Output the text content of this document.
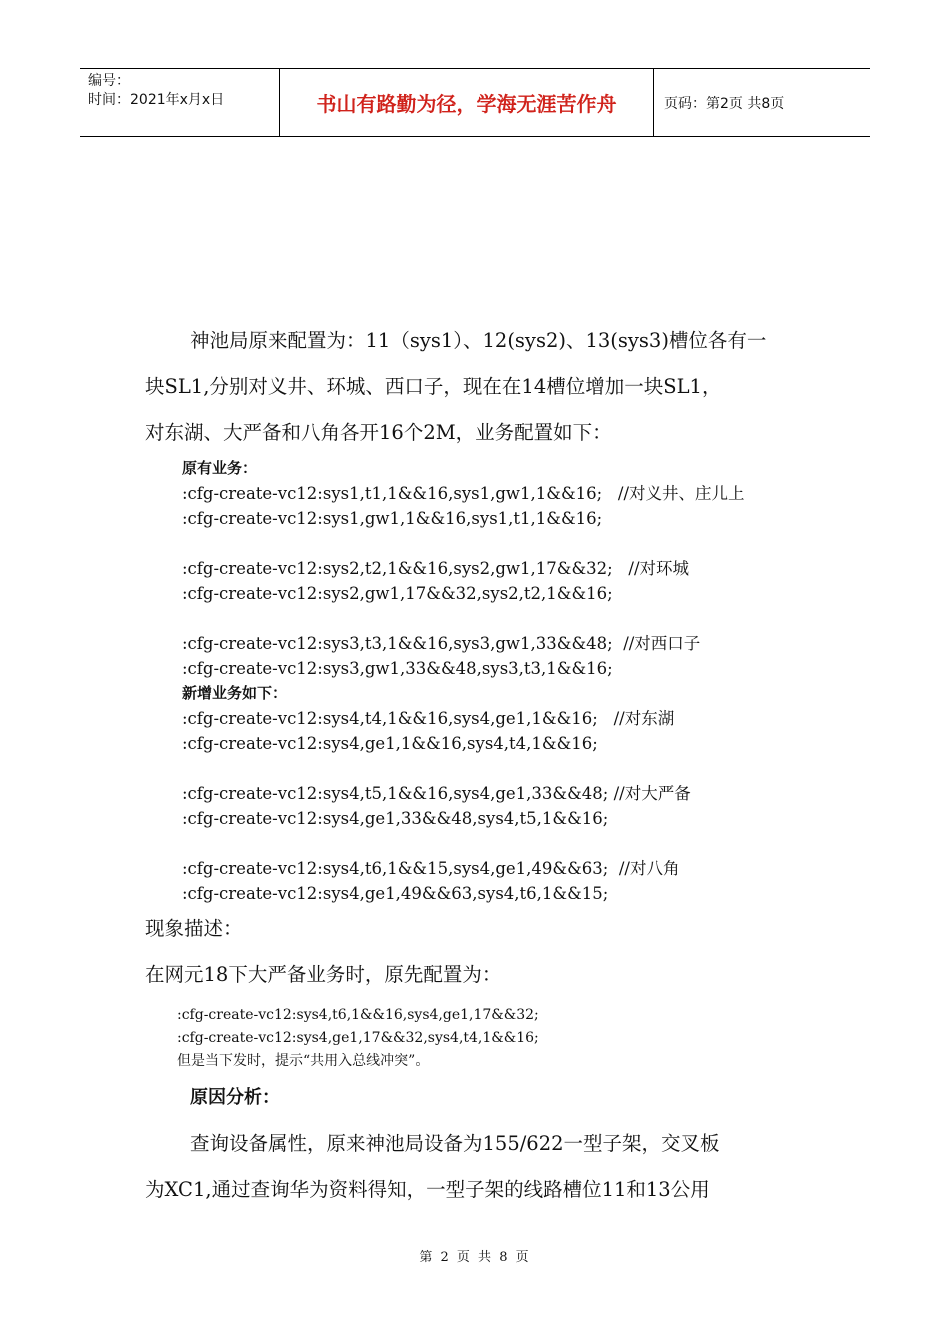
编号：
时间：2021年x月x日	书山有路勤为径，学海无涯苦作舟	页码：第2页 共8页

神池局原来配置为：11（sys1）、12(sys2)、13(sys3)槽位各有一

块SL1,分别对义井、环城、西口子，现在在14槽位增加一块SL1，

对东湖、大严备和八角各开16个2M，业务配置如下：

原有业务：
:cfg-create-vc12:sys1,t1,1&&16,sys1,gw1,1&&16;   //对义井、庄儿上
:cfg-create-vc12:sys1,gw1,1&&16,sys1,t1,1&&16;
:cfg-create-vc12:sys2,t2,1&&16,sys2,gw1,17&&32;   //对环城
:cfg-create-vc12:sys2,gw1,17&&32,sys2,t2,1&&16;
:cfg-create-vc12:sys3,t3,1&&16,sys3,gw1,33&&48;  //对西口子
:cfg-create-vc12:sys3,gw1,33&&48,sys3,t3,1&&16;
新增业务如下：
:cfg-create-vc12:sys4,t4,1&&16,sys4,ge1,1&&16;   //对东湖
:cfg-create-vc12:sys4,ge1,1&&16,sys4,t4,1&&16;
:cfg-create-vc12:sys4,t5,1&&16,sys4,ge1,33&&48; //对大严备
:cfg-create-vc12:sys4,ge1,33&&48,sys4,t5,1&&16;
:cfg-create-vc12:sys4,t6,1&&15,sys4,ge1,49&&63;  //对八角
:cfg-create-vc12:sys4,ge1,49&&63,sys4,t6,1&&15;

现象描述：

在网元18下大严备业务时，原先配置为：

:cfg-create-vc12:sys4,t6,1&&16,sys4,ge1,17&&32;
:cfg-create-vc12:sys4,ge1,17&&32,sys4,t4,1&&16;
但是当下发时，提示“共用入总线冲突”。
原因分析：

查询设备属性，原来神池局设备为155/622一型子架，交叉板

为XC1,通过查询华为资料得知，一型子架的线路槽位11和13公用

第 2 页 共 8 页
